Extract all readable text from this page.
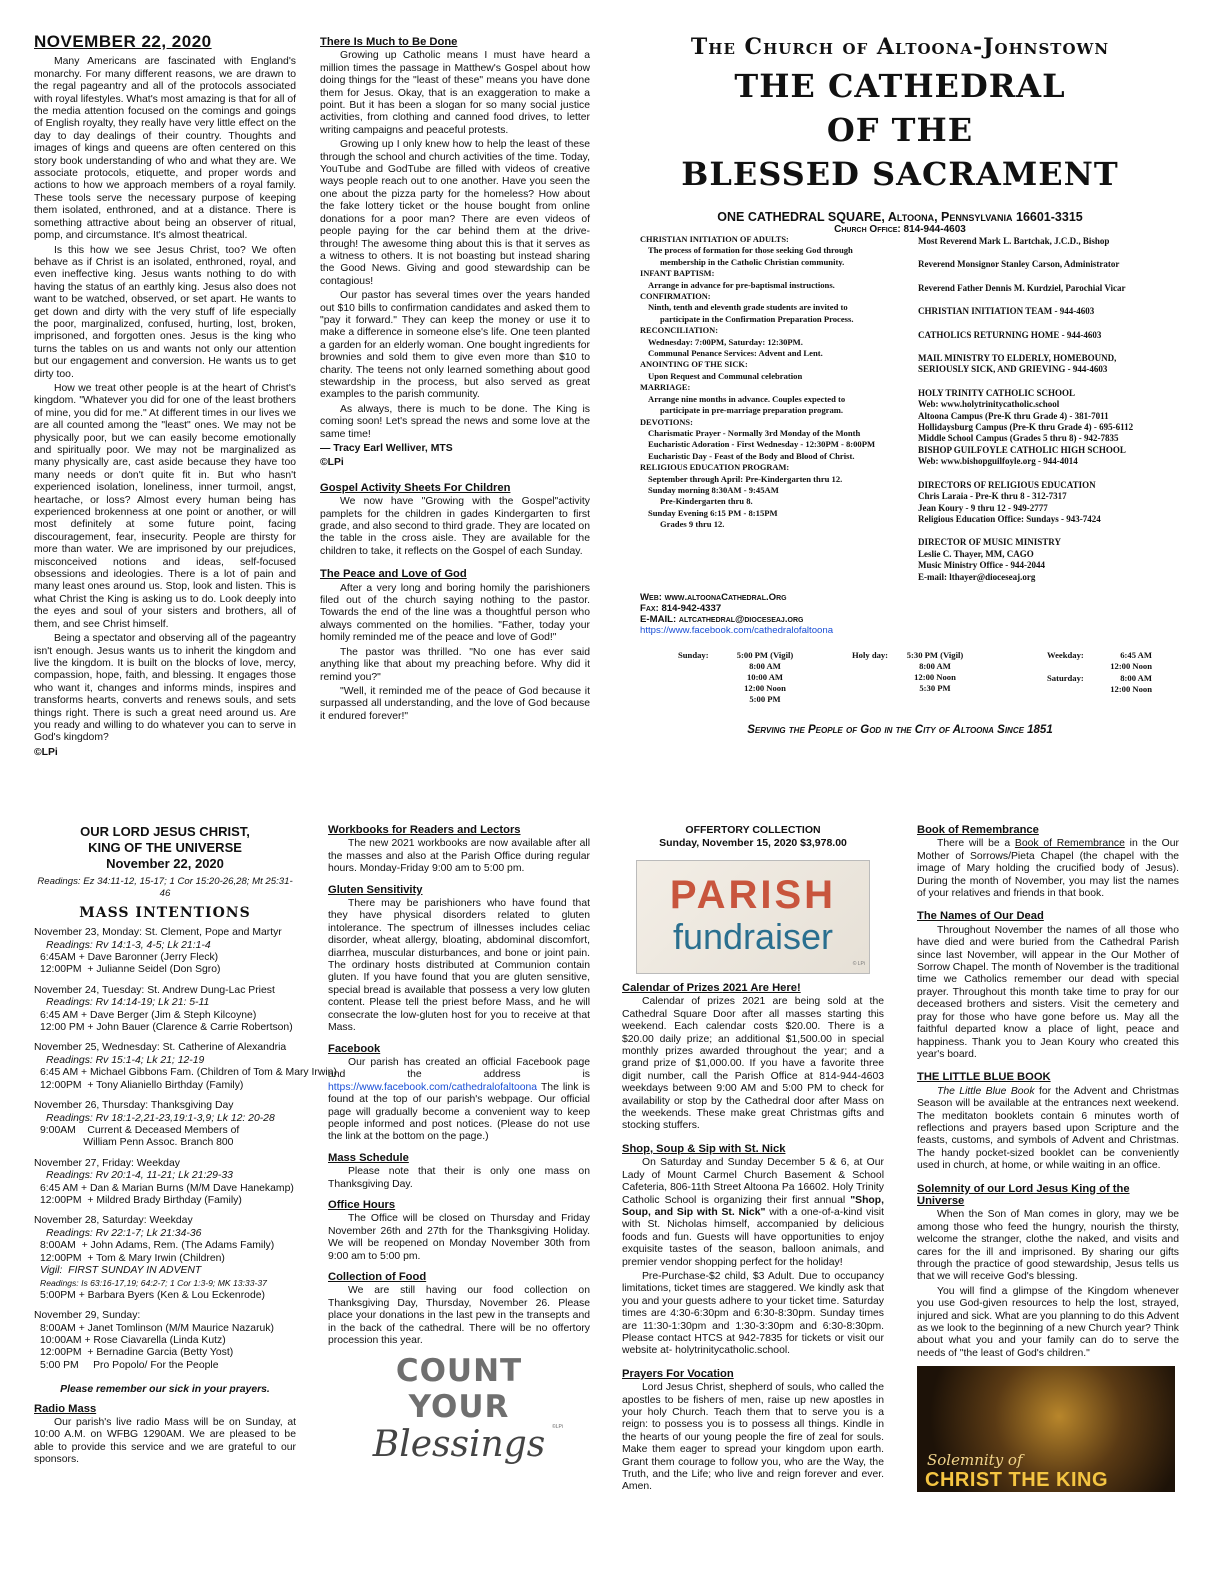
NOVEMBER 22, 2020

Many Americans are fascinated with England's monarchy. For many different reasons, we are drawn to the regal pageantry and all of the protocols associated with royal lifestyles. What's most amazing is that for all of the media attention focused on the comings and goings of English royalty, they really have very little effect on the day to day dealings of their country. Thoughts and images of kings and queens are often centered on this story book understanding of who and what they are. We associate protocols, etiquette, and proper words and actions to how we approach members of a royal family. These tools serve the necessary purpose of keeping them isolated, enthroned, and at a distance. There is something attractive about being an observer of ritual, pomp, and circumstance. It's almost theatrical.

Is this how we see Jesus Christ, too? We often behave as if Christ is an isolated, enthroned, royal, and even ineffective king. Jesus wants nothing to do with having the status of an earthly king. Jesus also does not want to be watched, observed, or set apart. He wants to get down and dirty with the very stuff of life especially the poor, marginalized, confused, hurting, lost, broken, imprisoned, and forgotten ones. Jesus is the king who turns the tables on us and wants not only our attention but our engagement and conversion. He wants us to get dirty too.

How we treat other people is at the heart of Christ's kingdom. "Whatever you did for one of the least brothers of mine, you did for me." At different times in our lives we are all counted among the "least" ones. We may not be physically poor, but we can easily become emotionally and spiritually poor. We may not be marginalized as many physically are, cast aside because they have too many needs or don't quite fit in. But who hasn't experienced isolation, loneliness, inner turmoil, angst, heartache, or loss? Almost every human being has experienced brokenness at one point or another, or will most definitely at some future point, facing discouragement, fear, insecurity. People are thirsty for more than water. We are imprisoned by our prejudices, misconceived notions and ideas, self-focused obsessions and ideologies. There is a lot of pain and many least ones around us. Stop, look and listen. This is what Christ the King is asking us to do. Look deeply into the eyes and soul of your sisters and brothers, all of them, and see Christ himself.

Being a spectator and observing all of the pageantry isn't enough. Jesus wants us to inherit the kingdom and live the kingdom. It is built on the blocks of love, mercy, compassion, hope, faith, and blessing. It engages those who want it, changes and informs minds, inspires and transforms hearts, converts and renews souls, and sets things right. There is such a great need around us. Are you ready and willing to do whatever you can to serve in God's kingdom?

©LPi
There Is Much to Be Done

Growing up Catholic means I must have heard a million times the passage in Matthew's Gospel about how doing things for the "least of these" means you have done them for Jesus. Okay, that is an exaggeration to make a point. But it has been a slogan for so many social justice activities, from clothing and canned food drives, to letter writing campaigns and peaceful protests.

Growing up I only knew how to help the least of these through the school and church activities of the time. Today, YouTube and GodTube are filled with videos of creative ways people reach out to one another. Have you seen the one about the pizza party for the homeless? How about the fake lottery ticket or the house bought from online donations for a poor man? There are even videos of people paying for the car behind them at the drive-through! The awesome thing about this is that it serves as a witness to others. It is not boasting but instead sharing the Good News. Giving and good stewardship can be contagious!

Our pastor has several times over the years handed out $10 bills to confirmation candidates and asked them to "pay it forward." They can keep the money or use it to make a difference in someone else's life. One teen planted a garden for an elderly woman. One bought ingredients for brownies and sold them to give even more than $10 to charity. The teens not only learned something about good stewardship in the process, but also served as great examples to the parish community.

As always, there is much to be done. The King is coming soon! Let's spread the news and some love at the same time!

— Tracy Earl Welliver, MTS
©LPi
Gospel Activity Sheets For Children

We now have "Growing with the Gospel"activity pamplets for the children in gades Kindergarten to first grade, and also second to third grade. They are located on the table in the cross aisle. They are available for the children to take, it reflects on the Gospel of each Sunday.

The Peace and Love of God

After a very long and boring homily the parishioners filed out of the church saying nothing to the pastor. Towards the end of the line was a thoughtful person who always commented on the homilies. "Father, today your homily reminded me of the peace and love of God!"

The pastor was thrilled. "No one has ever said anything like that about my preaching before. Why did it remind you?"

"Well, it reminded me of the peace of God because it surpassed all understanding, and the love of God because it endured forever!"

The Church of Altoona-Johnstown
THE CATHEDRAL
OF THE
BLESSED SACRAMENT
ONE CATHEDRAL SQUARE, Altoona, Pennsylvania 16601-3315
Church Office: 814-944-4603
CHRISTIAN INITIATION OF ADULTS:
The process of formation for those seeking God through
membership in the Catholic Christian community.
INFANT BAPTISM:
Arrange in advance for pre-baptismal instructions.
CONFIRMATION:
Ninth, tenth and eleventh grade students are invited to
participate in the Confirmation Preparation Process.
RECONCILIATION:
Wednesday: 7:00PM, Saturday: 12:30PM.
Communal Penance Services: Advent and Lent.
ANOINTING OF THE SICK:
Upon Request and Communal celebration
MARRIAGE:
Arrange nine months in advance. Couples expected to
participate in pre-marriage preparation program.
DEVOTIONS:
Charismatic Prayer - Normally 3rd Monday of the Month
Eucharistic Adoration - First Wednesday - 12:30PM - 8:00PM
Eucharistic Day - Feast of the Body and Blood of Christ.
RELIGIOUS EDUCATION PROGRAM:
September through April: Pre-Kindergarten thru 12.
Sunday morning 8:30AM - 9:45AM
Pre-Kindergarten thru 8.
Sunday Evening 6:15 PM - 8:15PM
Grades 9 thru 12.
Most Reverend Mark L. Bartchak, J.C.D., Bishop
Reverend Monsignor Stanley Carson, Administrator
Reverend Father Dennis M. Kurdziel, Parochial Vicar
CHRISTIAN INITIATION TEAM - 944-4603
CATHOLICS RETURNING HOME - 944-4603
MAIL MINISTRY TO ELDERLY, HOMEBOUND,
SERIOUSLY SICK, AND GRIEVING - 944-4603
HOLY TRINITY CATHOLIC SCHOOL
Web: www.holytrinitycatholic.school
Altoona Campus (Pre-K thru Grade 4) - 381-7011
Hollidaysburg Campus (Pre-K thru Grade 4) - 695-6112
Middle School Campus (Grades 5 thru 8) - 942-7835
BISHOP GUILFOYLE CATHOLIC HIGH SCHOOL
Web: www.bishopguilfoyle.org - 944-4014
DIRECTORS OF RELIGIOUS EDUCATION
Chris Laraia - Pre-K thru 8 - 312-7317
Jean Koury - 9 thru 12 - 949-2777
Religious Education Office: Sundays - 943-7424
DIRECTOR OF MUSIC MINISTRY
Leslie C. Thayer, MM, CAGO
Music Ministry Office - 944-2044
E-mail: lthayer@dioceseaj.org
Web: www.altoonaCathedral.Org
Fax: 814-942-4337
E-MAIL: altcathedral@dioceseaj.org
https://www.facebook.com/cathedralofaltoona
Sunday:	5:00 PM (Vigil)
8:00 AM
10:00 AM
12:00 Noon
5:00 PM
Holy day:	5:30 PM (Vigil)
8:00 AM
12:00 Noon
5:30 PM
Weekday:	6:45 AM
12:00 Noon
Saturday:	8:00 AM
12:00 Noon
Serving the People of God in the City of Altoona Since 1851
OUR LORD JESUS CHRIST,
KING OF THE UNIVERSE
November 22, 2020
Readings: Ez 34:11-12, 15-17; 1 Cor 15:20-26,28; Mt 25:31-46
MASS INTENTIONS
November 23, Monday: St. Clement, Pope and Martyr
Readings: Rv 14:1-3, 4-5; Lk 21:1-4
6:45AM + Dave Baronner (Jerry Fleck)
12:00PM  + Julianne Seidel (Don Sgro)
November 24, Tuesday: St. Andrew Dung-Lac Priest
Readings: Rv 14:14-19; Lk 21: 5-11
6:45 AM + Dave Berger (Jim & Steph Kilcoyne)
12:00 PM + John Bauer (Clarence & Carrie Robertson)
November 25, Wednesday: St. Catherine of Alexandria
Readings: Rv 15:1-4; Lk 21; 12-19
6:45 AM + Michael Gibbons Fam. (Children of Tom & Mary Irwin)
12:00PM  + Tony Alianiello Birthday (Family)
November 26, Thursday: Thanksgiving Day
Readings: Rv 18:1-2,21-23,19:1-3,9; Lk 12: 20-28
9:00AM    Current & Deceased Members of
William Penn Assoc. Branch 800
November 27, Friday: Weekday
Readings: Rv 20:1-4, 11-21; Lk 21:29-33
6:45 AM + Dan & Marian Burns (M/M Dave Hanekamp)
12:00PM  + Mildred Brady Birthday (Family)
November 28, Saturday: Weekday
Readings: Rv 22:1-7; Lk 21:34-36
8:00AM  + John Adams, Rem. (The Adams Family)
12:00PM  + Tom & Mary Irwin (Children)
Vigil:  FIRST SUNDAY IN ADVENT
Readings: Is 63:16-17,19; 64:2-7; 1 Cor 1:3-9; MK 13:33-37
5:00PM + Barbara Byers (Ken & Lou Eckenrode)
November 29, Sunday:
8:00AM + Janet Tomlinson (M/M Maurice Nazaruk)
10:00AM + Rose Ciavarella (Linda Kutz)
12:00PM  + Bernadine Garcia (Betty Yost)
5:00 PM     Pro Popolo/ For the People
Please remember our sick in your prayers.
Radio Mass
Our parish's live radio Mass will be on Sunday, at 10:00 A.M. on WFBG 1290AM. We are pleased to be able to provide this service and we are grateful to our sponsors.
Workbooks for Readers and Lectors

The new 2021 workbooks are now available after all the masses and also at the Parish Office during regular hours. Monday-Friday 9:00 am to 5:00 pm.

Gluten Sensitivity

There may be parishioners who have found that they have physical disorders related to gluten intolerance. The spectrum of illnesses includes celiac disorder, wheat allergy, bloating, abdominal discomfort, diarrhea, muscular disturbances, and bone or joint pain. The ordinary hosts distributed at Communion contain gluten. If you have found that you are gluten sensitive, special bread is available that possess a very low gluten content. Please tell the priest before Mass, and he will consecrate the low-gluten host for you to receive at that Mass.

Facebook

Our parish has created an official Facebook page and the address is https://www.facebook.com/cathedralofaltoona The link is found at the top of our parish's webpage. Our official page will gradually become a convenient way to keep people informed and post notices. (Please do not use the link at the bottom on the page.)

Mass Schedule

Please note that their is only one mass on Thanksgiving Day.

Office Hours

The Office will be closed on Thursday and Friday November 26th and 27th for the Thanksgiving Holiday. We will be reopened on Monday November 30th from 9:00 am to 5:00 pm.

Collection of Food

We are still having our food collection on Thanksgiving Day, Thursday, November 26. Please place your donations in the last pew in the transepts and in the back of the cathedral. There will be no offertory procession this year.

COUNT YOUR
Blessings	©LPi
OFFERTORY COLLECTION
Sunday, November 15, 2020 $3,978.00
PARISH
fundraiser
© LPi
Calendar of Prizes 2021 Are Here!

Calendar of prizes 2021 are being sold at the Cathedral Square Door after all masses starting this weekend. Each calendar costs $20.00. There is a $20.00 daily prize; an additional $1,500.00 in special monthly prizes awarded throughout the year; and a grand prize of $1,000.00. If you have a favorite three digit number, call the Parish Office at 814-944-4603 weekdays between 9:00 AM and 5:00 PM to check for availability or stop by the Cathedral door after Mass on the weekends. These make great Christmas gifts and stocking stuffers.

Shop, Soup & Sip with St. Nick

On Saturday and Sunday December 5 & 6, at Our Lady of Mount Carmel Church Basement & School Cafeteria, 806-11th Street Altoona Pa 16602. Holy Trinity Catholic School is organizing their first annual "Shop, Soup, and Sip with St. Nick" with a one-of-a-kind visit with St. Nicholas himself, accompanied by delicious foods and fun. Guests will have opportunities to enjoy exquisite tastes of the season, balloon animals, and premier vendor shopping perfect for the holiday!

Pre-Purchase-$2 child, $3 Adult. Due to occupancy limitations, ticket times are staggered. We kindly ask that you and your guests adhere to your ticket time. Saturday times are 4:30-6:30pm and 6:30-8:30pm. Sunday times are 11:30-1:30pm and 1:30-3:30pm and 6:30-8:30pm. Please contact HTCS at 942-7835 for tickets or visit our website at- holytrinitycatholic.school.

Prayers For Vocation

Lord Jesus Christ, shepherd of souls, who called the apostles to be fishers of men, raise up new apostles in your holy Church. Teach them that to serve you is a reign: to possess you is to possess all things. Kindle in the hearts of our young people the fire of zeal for souls. Make them eager to spread your kingdom upon earth. Grant them courage to follow you, who are the Way, the Truth, and the Life; who live and reign forever and ever. Amen.

Book of Remembrance

There will be a Book of Remembrance in the Our Mother of Sorrows/Pieta Chapel (the chapel with the image of Mary holding the crucified body of Jesus). During the month of November, you may list the names of your relatives and friends in that book.

The Names of Our Dead

Throughout November the names of all those who have died and were buried from the Cathedral Parish since last November, will appear in the Our Mother of Sorrow Chapel. The month of November is the traditional time we Catholics remember our dead with special prayer. Throughout this month take time to pray for our deceased brothers and sisters. Visit the cemetery and pray for those who have gone before us. May all the faithful departed know a place of light, peace and happiness. Thank you to Jean Koury who created this year's board.

THE LITTLE BLUE BOOK

The Little Blue Book for the Advent and Christmas Season will be available at the entrances next weekend. The meditaton booklets contain 6 minutes worth of reflections and prayers based upon Scripture and the feasts, customs, and symbols of Advent and Christmas. The handy pocket-sized booklet can be conveniently used in church, at home, or while waiting in an office.

Solemnity of our Lord Jesus King of the Universe

When the Son of Man comes in glory, may we be among those who feed the hungry, nourish the thirsty, welcome the stranger, clothe the naked, and visits and cares for the ill and imprisoned. By sharing our gifts through the practice of good stewardship, Jesus tells us that we will receive God's blessing.

You will find a glimpse of the Kingdom whenever you use God-given resources to help the lost, strayed, injured and sick. What are you planning to do this Advent as we look to the beginning of a new Church year? Think about what you and your family can do to serve the needs of "the least of God's children."

Solemnity of
CHRIST THE KING
